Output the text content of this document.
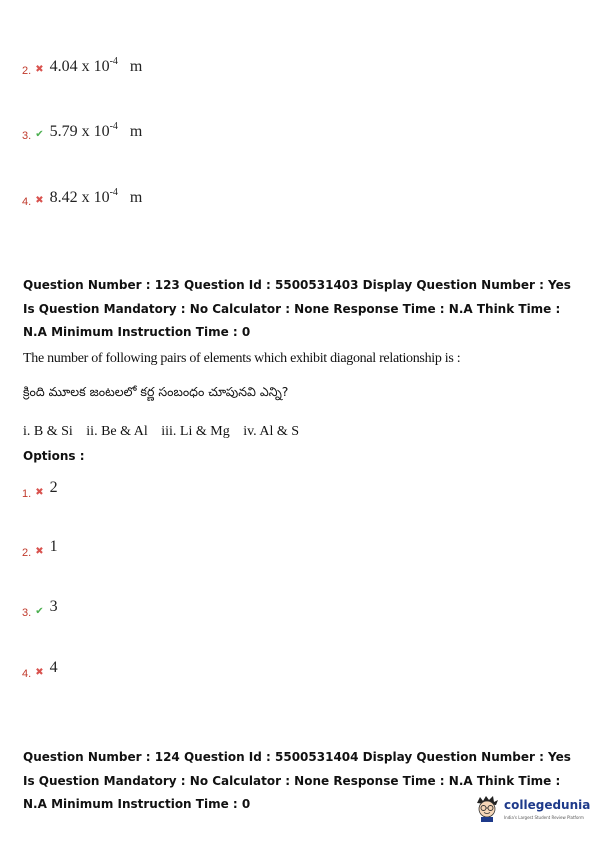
2. ✖ 4.04 x $10^{-4}$ m
3. ✔ 5.79 x $10^{-4}$ m
4. ✖ 8.42 x $10^{-4}$ m

Question Number : 123 Question Id : 5500531403 Display Question Number : Yes Is Question Mandatory : No Calculator : None Response Time : N.A Think Time : N.A Minimum Instruction Time : 0

The number of following pairs of elements which exhibit diagonal relationship is :
క్రింది మూలక జంటలలో కర్ణ సంబంధం చూపునవి ఎన్ని?
i. B & Si ii. Be & Al iii. Li & Mg iv. Al & S
Options :
1. ✖ 2
2. ✖ 1
3. ✔ 3
4. ✖ 4

Question Number : 124 Question Id : 5500531404 Display Question Number : Yes Is Question Mandatory : No Calculator : None Response Time : N.A Think Time : N.A Minimum Instruction Time : 0	collegedunia
India's Largest Student Review Platform
